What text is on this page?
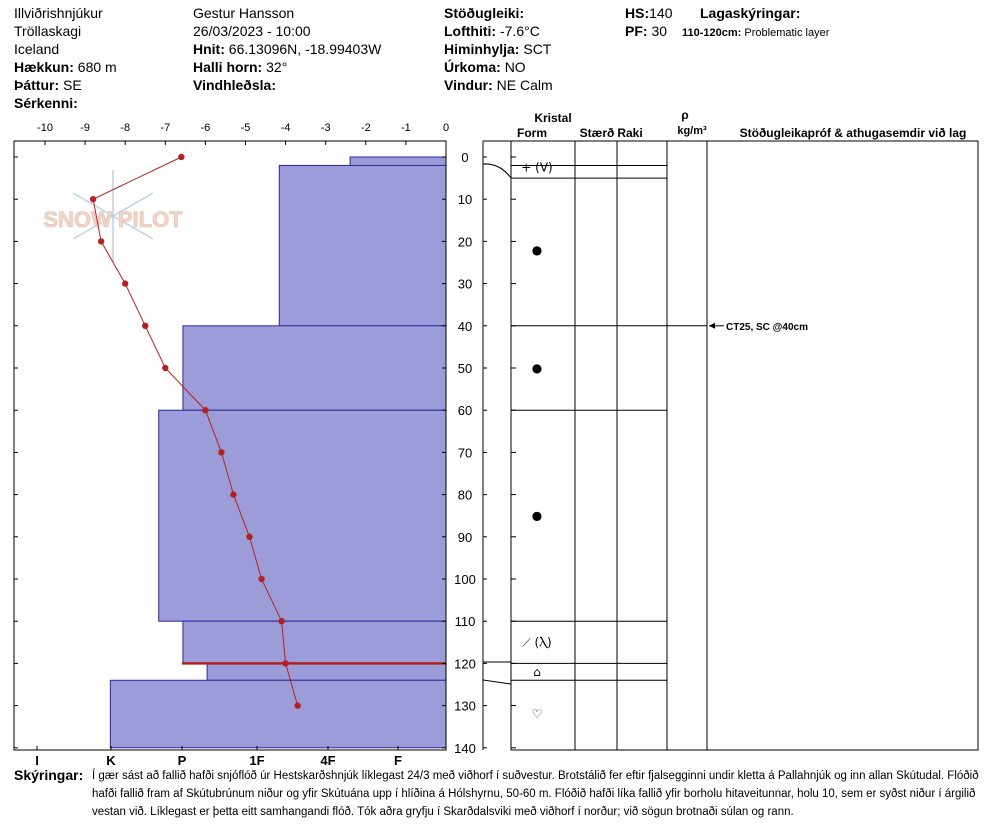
Illviðrishnjúkur
Tröllaskagi
Iceland
Hækkun: 680 m
Þáttur: SE
Sérkenni:
Gestur Hansson
26/03/2023 - 10:00
Hnit: 66.13096N, -18.99403W
Halli horn: 32°
Vindhleðsla:
Stöðugleiki:
Lofthiti: -7.6°C
Himinhylja: SCT
Úrkoma: NO
Vindur: NE Calm
HS:140
PF: 30
Lagaskýringar:
110-120cm: Problematic layer
Kristal
Form	Stærð Raki
ρ
kg/m³	Stöðugleikapróf & athugasemdir við lag
SNOW PILOT
-10 -9	-8	-7	-6	-5	-4	-3	-2	-1	0
0
10
20
30
40
50
60
70
80
90
100
110
120
130
140
I	K	P	1F	4F	F
+ (V)
●
●
●
⟋ (Ⲗ)
⌂
♡
CT25, SC @40cm
Skýringar: Í gær sást að fallið hafði snjóflóð úr Hestskarðshnjúk líklegast 24/3 með viðhorf í suðvestur. Brotstálið fer eftir fjalsegginni undir kletta á Pallahnjúk og inn allan Skútudal. Flóðið hafði fallið fram af Skútubrúnum niður og yfir Skútuána upp í hlíðina á Hólshyrnu, 50-60 m. Flóðið hafði líka fallið yfir borholu hitaveitunnar, holu 10, sem er syðst niður í árgilið vestan við. Líklegast er þetta eitt samhangandi flóð. Tók aðra gryfju í Skarðdalsviki með viðhorf í norður; við sögun brotnaði súlan og rann.
